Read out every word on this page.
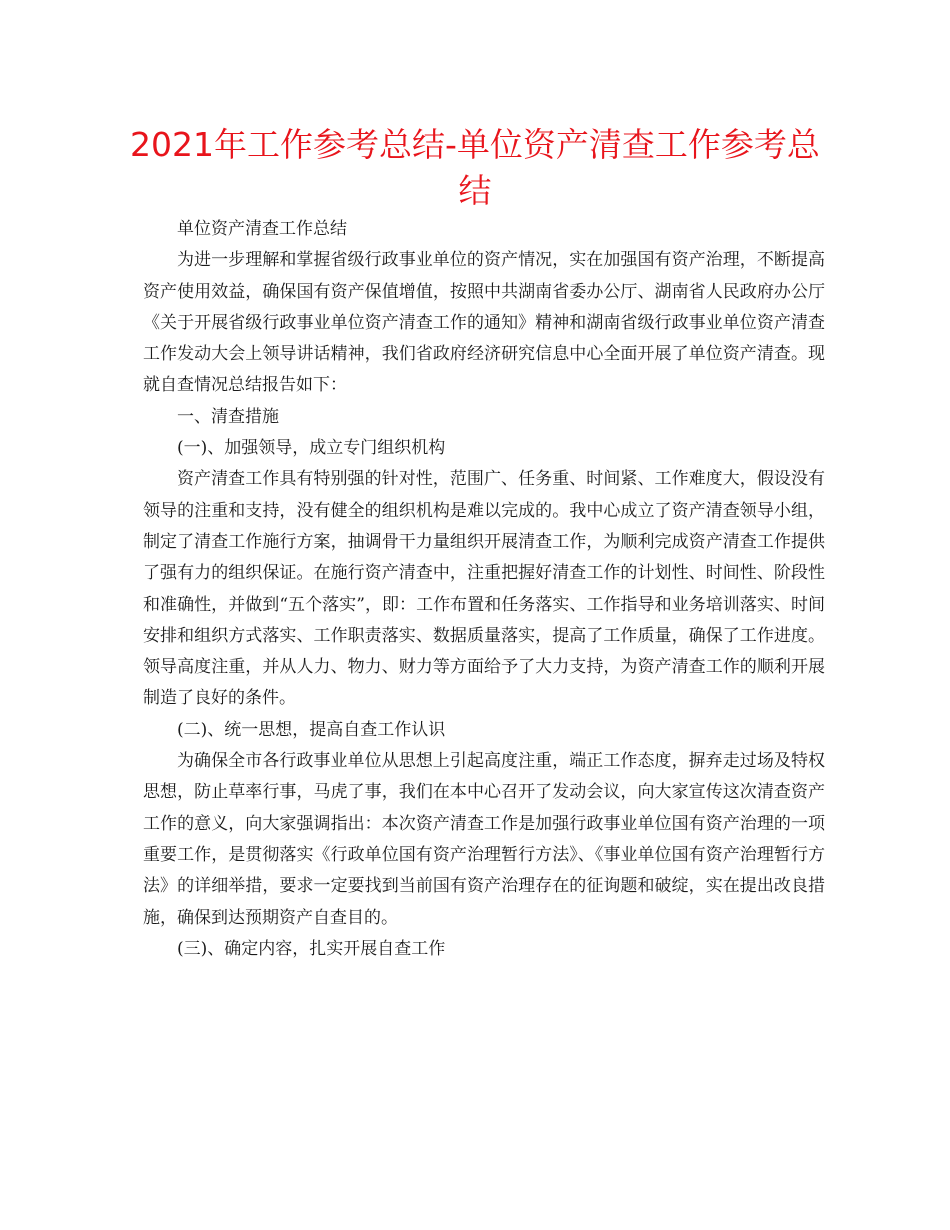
2021年工作参考总结-单位资产清查工作参考总结

单位资产清查工作总结

为进一步理解和掌握省级行政事业单位的资产情况，实在加强国有资产治理，不断提高资产使用效益，确保国有资产保值增值，按照中共湖南省委办公厅、湖南省人民政府办公厅《关于开展省级行政事业单位资产清查工作的通知》精神和湖南省级行政事业单位资产清查工作发动大会上领导讲话精神，我们省政府经济研究信息中心全面开展了单位资产清查。现就自查情况总结报告如下：

一、清查措施

(一)、加强领导，成立专门组织机构

资产清查工作具有特别强的针对性，范围广、任务重、时间紧、工作难度大，假设没有领导的注重和支持，没有健全的组织机构是难以完成的。我中心成立了资产清查领导小组，制定了清查工作施行方案，抽调骨干力量组织开展清查工作，为顺利完成资产清查工作提供了强有力的组织保证。在施行资产清查中，注重把握好清查工作的计划性、时间性、阶段性和准确性，并做到“五个落实”，即：工作布置和任务落实、工作指导和业务培训落实、时间安排和组织方式落实、工作职责落实、数据质量落实，提高了工作质量，确保了工作进度。领导高度注重，并从人力、物力、财力等方面给予了大力支持，为资产清查工作的顺利开展制造了良好的条件。

(二)、统一思想，提高自查工作认识

为确保全市各行政事业单位从思想上引起高度注重，端正工作态度，摒弃走过场及特权思想，防止草率行事，马虎了事，我们在本中心召开了发动会议，向大家宣传这次清查资产工作的意义，向大家强调指出：本次资产清查工作是加强行政事业单位国有资产治理的一项重要工作，是贯彻落实《行政单位国有资产治理暂行方法》、《事业单位国有资产治理暂行方法》的详细举措，要求一定要找到当前国有资产治理存在的征询题和破绽，实在提出改良措施，确保到达预期资产自查目的。

(三)、确定内容，扎实开展自查工作
